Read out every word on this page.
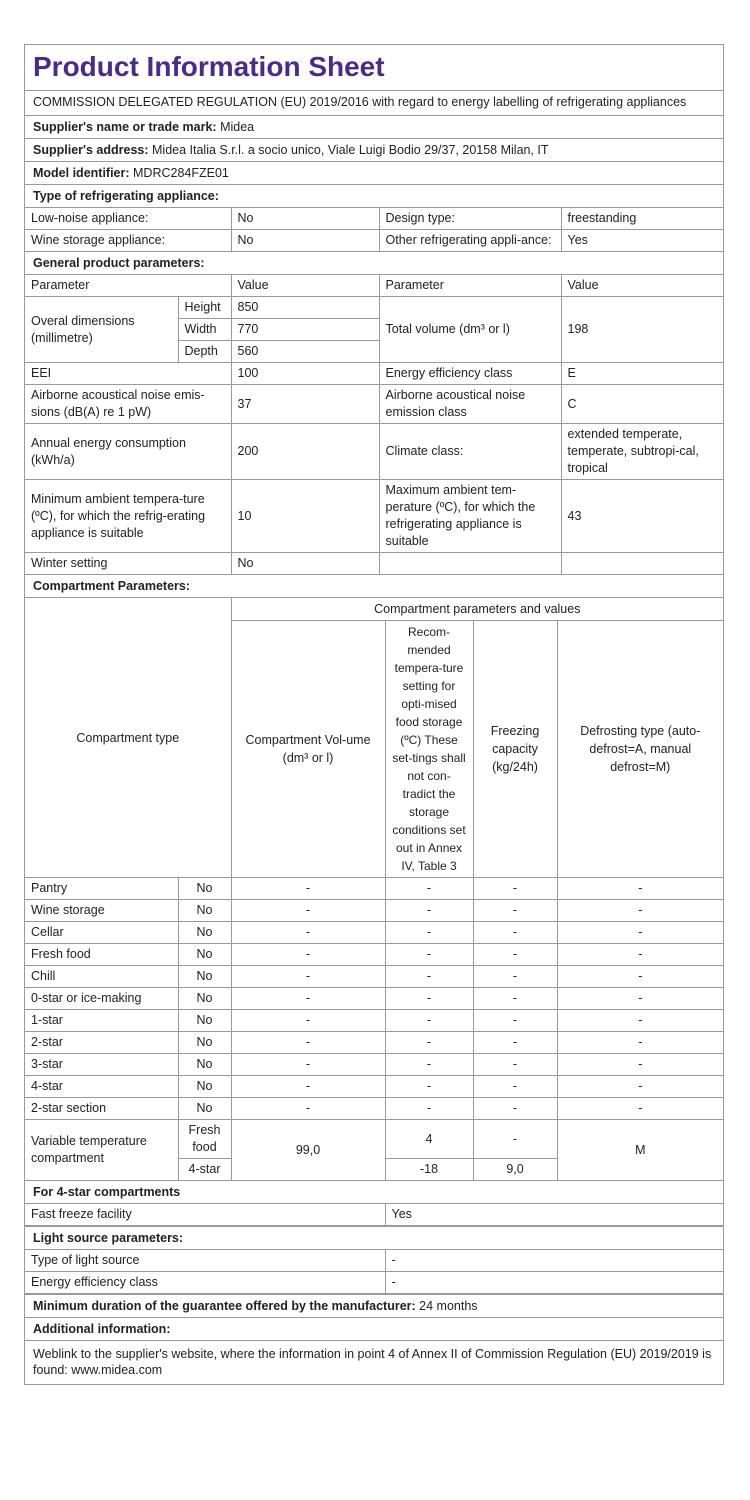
Product Information Sheet
COMMISSION DELEGATED REGULATION (EU) 2019/2016 with regard to energy labelling of refrigerating appliances
Supplier's name or trade mark: Midea
Supplier's address: Midea Italia S.r.l. a socio unico, Viale Luigi Bodio 29/37, 20158 Milan, IT
Model identifier: MDRC284FZE01
Type of refrigerating appliance:
Low-noise appliance:	No	Design type:	freestanding
Wine storage appliance:	No	Other refrigerating appli-ance:	Yes
General product parameters:
Parameter		Value	Parameter	Value
Overal dimensions (millimetre)	Height	850	Total volume (dm³ or l)	198
	Width	770		
	Depth	560		
EEI		100	Energy efficiency class	E
Airborne acoustical noise emis-sions (dB(A) re 1 pW)		37	Airborne acoustical noise emission class	C
Annual energy consumption (kWh/a)		200	Climate class:	extended temperate, temperate, subtropi-cal, tropical
Minimum ambient tempera-ture (ºC), for which the refrig-erating appliance is suitable		10	Maximum ambient tem-perature (ºC), for which the refrigerating appliance is suitable	43
Winter setting		No		
Compartment Parameters:
Compartment type		Compartment parameters and values			
		Compartment Vol-ume (dm³ or l)	Recom-mended tempera-ture setting for opti-mised food storage (ºC) These set-tings shall not con-tradict the storage conditions set out in Annex IV, Table 3	Freezing capacity (kg/24h)	Defrosting type (auto-defrost=A, manual defrost=M)
Pantry	No	-	-	-	-
Wine storage	No	-	-	-	-
Cellar	No	-	-	-	-
Fresh food	No	-	-	-	-
Chill	No	-	-	-	-
0-star or ice-making	No	-	-	-	-
1-star	No	-	-	-	-
2-star	No	-	-	-	-
3-star	No	-	-	-	-
4-star	No	-	-	-	-
2-star section	No	-	-	-	-
Variable temperature compartment	Fresh food	99,0	4	-	M
	4-star		-18	9,0	
For 4-star compartments
Fast freeze facility	Yes
Light source parameters:
Type of light source	-
Energy efficiency class	-
Minimum duration of the guarantee offered by the manufacturer: 24 months
Additional information:
Weblink to the supplier's website, where the information in point 4 of Annex II of Commission Regulation (EU) 2019/2019 is found: www.midea.com
